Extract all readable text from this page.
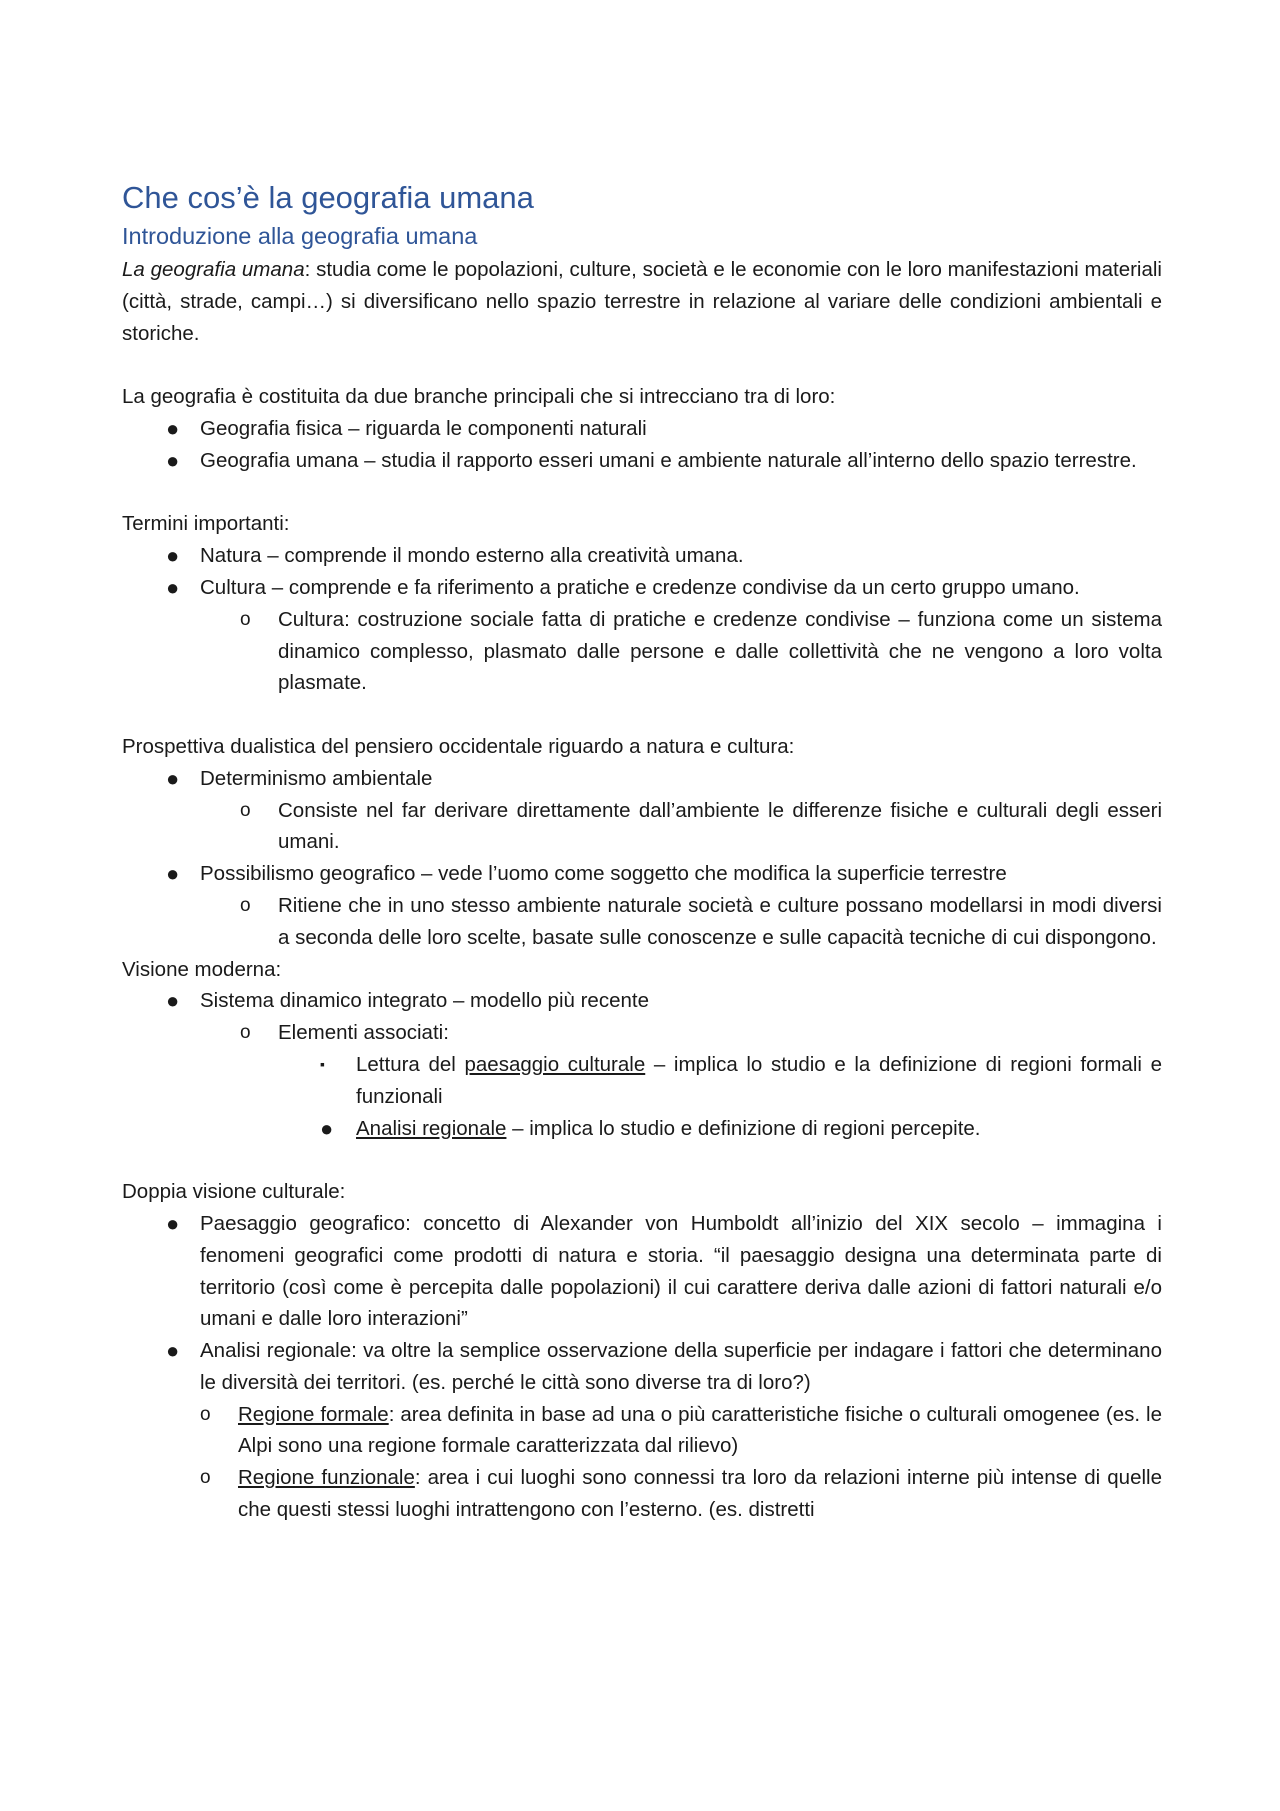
Che cos’è la geografia umana
Introduzione alla geografia umana

La geografia umana: studia come le popolazioni, culture, società e le economie con le loro manifestazioni materiali (città, strade, campi…) si diversificano nello spazio terrestre in relazione al variare delle condizioni ambientali e storiche.

La geografia è costituita da due branche principali che si intrecciano tra di loro:

● Geografia fisica – riguarda le componenti naturali
● Geografia umana – studia il rapporto esseri umani e ambiente naturale all’interno dello spazio terrestre.

Termini importanti:

● Natura – comprende il mondo esterno alla creatività umana.
● Cultura – comprende e fa riferimento a pratiche e credenze condivise da un certo gruppo umano.
o Cultura: costruzione sociale fatta di pratiche e credenze condivise – funziona come un sistema dinamico complesso, plasmato dalle persone e dalle collettività che ne vengono a loro volta plasmate.

Prospettiva dualistica del pensiero occidentale riguardo a natura e cultura:

● Determinismo ambientale
o Consiste nel far derivare direttamente dall’ambiente le differenze fisiche e culturali degli esseri umani.
● Possibilismo geografico – vede l’uomo come soggetto che modifica la superficie terrestre
o Ritiene che in uno stesso ambiente naturale società e culture possano modellarsi in modi diversi a seconda delle loro scelte, basate sulle conoscenze e sulle capacità tecniche di cui dispongono.

Visione moderna:

● Sistema dinamico integrato – modello più recente
o Elementi associati:
▪ Lettura del paesaggio culturale – implica lo studio e la definizione di regioni formali e funzionali
● Analisi regionale – implica lo studio e definizione di regioni percepite.

Doppia visione culturale:

● Paesaggio geografico: concetto di Alexander von Humboldt all’inizio del XIX secolo – immagina i fenomeni geografici come prodotti di natura e storia. “il paesaggio designa una determinata parte di territorio (così come è percepita dalle popolazioni) il cui carattere deriva dalle azioni di fattori naturali e/o umani e dalle loro interazioni”
● Analisi regionale: va oltre la semplice osservazione della superficie per indagare i fattori che determinano le diversità dei territori. (es. perché le città sono diverse tra di loro?)
o Regione formale: area definita in base ad una o più caratteristiche fisiche o culturali omogenee (es. le Alpi sono una regione formale caratterizzata dal rilievo)
o Regione funzionale: area i cui luoghi sono connessi tra loro da relazioni interne più intense di quelle che questi stessi luoghi intrattengono con l’esterno. (es. distretti
